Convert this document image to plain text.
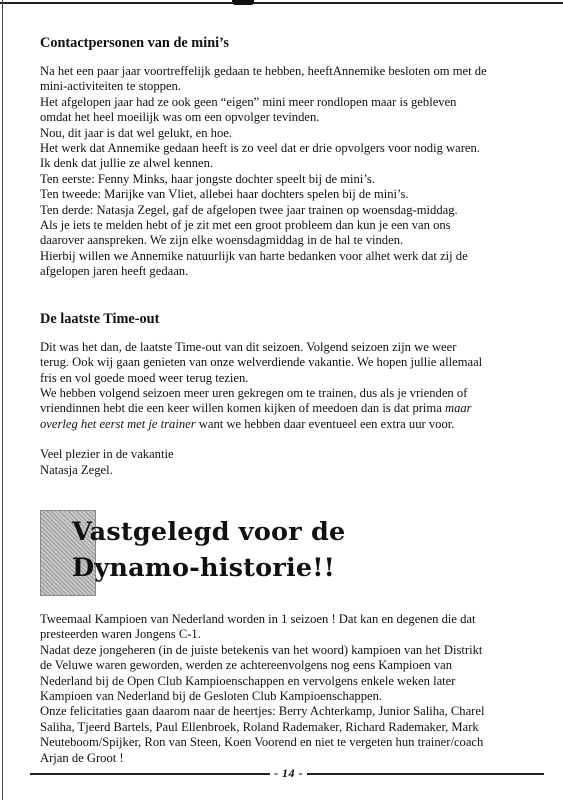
Contactpersonen van de mini’s

Na het een paar jaar voortreffelijk gedaan te hebben, heeftAnnemike besloten om met de

mini-activiteiten te stoppen.

Het afgelopen jaar had ze ook geen “eigen” mini meer rondlopen maar is gebleven

omdat het heel moeilijk was om een opvolger tevinden.

Nou, dit jaar is dat wel gelukt, en hoe.

Het werk dat Annemike gedaan heeft is zo veel dat er drie opvolgers voor nodig waren.

Ik denk dat jullie ze alwel kennen.

Ten eerste: Fenny Minks, haar jongste dochter speelt bij de mini’s.

Ten tweede: Marijke van Vliet, allebei haar dochters spelen bij de mini’s.

Ten derde: Natasja Zegel, gaf de afgelopen twee jaar trainen op woensdag-middag.

Als je iets te melden hebt of je zit met een groot probleem dan kun je een van ons

daarover aanspreken. We zijn elke woensdagmiddag in de hal te vinden.

Hierbij willen we Annemike natuurlijk van harte bedanken voor alhet werk dat zij de

afgelopen jaren heeft gedaan.

De laatste Time-out

Dit was het dan, de laatste Time-out van dit seizoen. Volgend seizoen zijn we weer

terug. Ook wij gaan genieten van onze welverdiende vakantie. We hopen jullie allemaal

fris en vol goede moed weer terug tezien.

We hebben volgend seizoen meer uren gekregen om te trainen, dus als je vrienden of

vriendinnen hebt die een keer willen komen kijken of meedoen dan is dat prima maar

overleg het eerst met je trainer want we hebben daar eventueel een extra uur voor.

Veel plezier in de vakantie

Natasja Zegel.

Vastgelegd voor de
Dynamo-historie!!

Tweemaal Kampioen van Nederland worden in 1 seizoen ! Dat kan en degenen die dat

presteerden waren Jongens C-1.

Nadat deze jongeheren (in de juiste betekenis van het woord) kampioen van het Distrikt

de Veluwe waren geworden, werden ze achtereenvolgens nog eens Kampioen van

Nederland bij de Open Club Kampioenschappen en vervolgens enkele weken later

Kampioen van Nederland bij de Gesloten Club Kampioenschappen.

Onze felicitaties gaan daarom naar de heertjes: Berry Achterkamp, Junior Saliha, Charel

Saliha, Tjeerd Bartels, Paul Ellenbroek, Roland Rademaker, Richard Rademaker, Mark

Neuteboom/Spijker, Ron van Steen, Koen Voorend en niet te vergeten hun trainer/coach

Arjan de Groot !

- 14 -
